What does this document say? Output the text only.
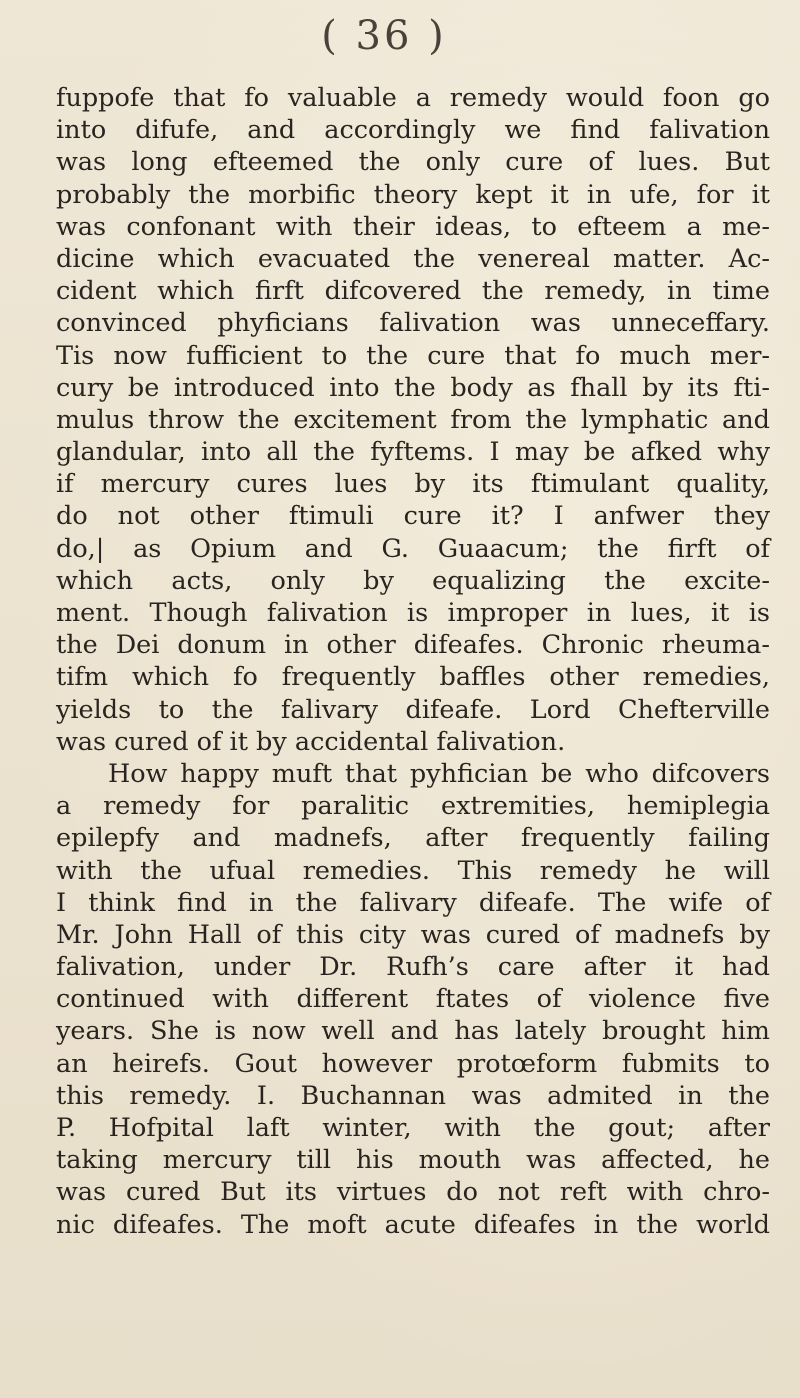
( 36 )
fuppofe that fo valuable a remedy would foon go
into difufe, and accordingly we find falivation
was long efteemed the only cure of lues. But
probably the morbific theory kept it in ufe, for it
was confonant with their ideas, to efteem a me-
dicine which evacuated the venereal matter. Ac-
cident which firft difcovered the remedy, in time
convinced phyficians falivation was unneceffary.
Tis now fufficient to the cure that fo much mer-
cury be introduced into the body as fhall by its fti-
mulus throw the excitement from the lymphatic and
glandular, into all the fyftems. I may be afked why
if mercury cures lues by its ftimulant quality,
do not other ftimuli cure it? I anfwer they
do,| as Opium and G. Guaacum; the firft of
which acts, only by equalizing the excite-
ment. Though falivation is improper in lues, it is
the Dei donum in other difeafes. Chronic rheuma-
tifm which fo frequently baffles other remedies,
yields to the falivary difeafe. Lord Chefterville
was cured of it by accidental falivation.
How happy muft that pyhfician be who difcovers
a remedy for paralitic extremities, hemiplegia
epilepfy and madnefs, after frequently failing
with the ufual remedies. This remedy he will
I think find in the falivary difeafe. The wife of
Mr. John Hall of this city was cured of madnefs by
falivation, under Dr. Rufh’s care after it had
continued with different ftates of violence five
years. She is now well and has lately brought him
an heirefs. Gout however protœform fubmits to
this remedy. I. Buchannan was admited in the
P. Hofpital laft winter, with the gout; after
taking mercury till his mouth was affected, he
was cured But its virtues do not reft with chro-
nic difeafes. The moft acute difeafes in the world
